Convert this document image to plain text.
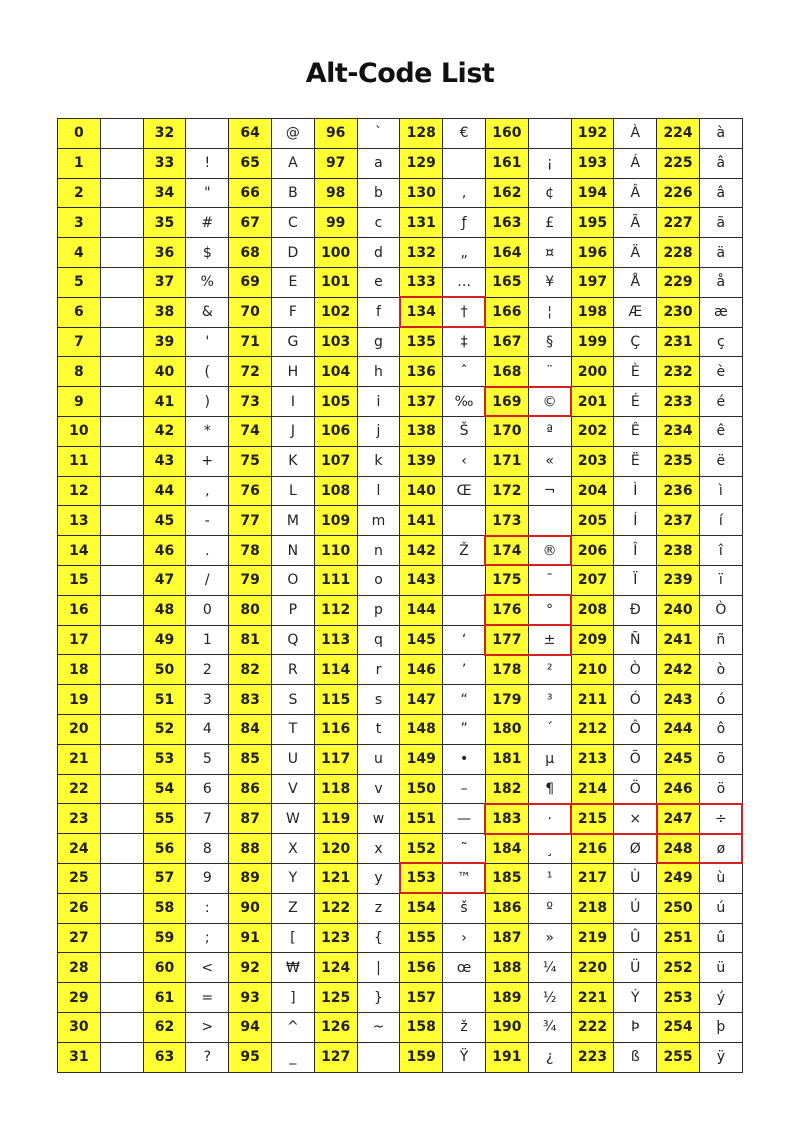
Alt-Code List
0		32		64	@	96	`	128	€	160		192	À	224	à
1		33	!	65	A	97	a	129		161	¡	193	Á	225	â
2		34	"	66	B	98	b	130	,	162	¢	194	Â	226	â
3		35	#	67	C	99	c	131	ƒ	163	£	195	Ã	227	ã
4		36	$	68	D	100	d	132	„	164	¤	196	Ä	228	ä
5		37	%	69	E	101	e	133	…	165	¥	197	Å	229	å
6		38	&	70	F	102	f	134	†	166	¦	198	Æ	230	æ
7		39	'	71	G	103	g	135	‡	167	§	199	Ç	231	ç
8		40	(	72	H	104	h	136	ˆ	168	¨	200	È	232	è
9		41	)	73	I	105	i	137	‰	169	©	201	É	233	é
10		42	*	74	J	106	j	138	Š	170	ª	202	Ê	234	ê
11		43	+	75	K	107	k	139	‹	171	«	203	Ë	235	ë
12		44	,	76	L	108	l	140	Œ	172	¬	204	Ì	236	ì
13		45	-	77	M	109	m	141		173		205	Í	237	í
14		46	.	78	N	110	n	142	Ž	174	®	206	Î	238	î
15		47	/	79	O	111	o	143		175	¯	207	Ï	239	ï
16		48	0	80	P	112	p	144		176	°	208	Ð	240	Ò
17		49	1	81	Q	113	q	145	‘	177	±	209	Ñ	241	ñ
18		50	2	82	R	114	r	146	’	178	²	210	Ò	242	ò
19		51	3	83	S	115	s	147	“	179	³	211	Ó	243	ó
20		52	4	84	T	116	t	148	”	180	´	212	Ô	244	ô
21		53	5	85	U	117	u	149	•	181	µ	213	Õ	245	õ
22		54	6	86	V	118	v	150	–	182	¶	214	Ö	246	ö
23		55	7	87	W	119	w	151	—	183	·	215	×	247	÷
24		56	8	88	X	120	x	152	˜	184	¸	216	Ø	248	ø
25		57	9	89	Y	121	y	153	™	185	¹	217	Ù	249	ù
26		58	:	90	Z	122	z	154	š	186	º	218	Ú	250	ú
27		59	;	91	[	123	{	155	›	187	»	219	Û	251	û
28		60	<	92	₩	124	|	156	œ	188	¼	220	Ü	252	ü
29		61	=	93	]	125	}	157		189	½	221	Ý	253	ý
30		62	>	94	^	126	~	158	ž	190	¾	222	Þ	254	þ
31		63	?	95	_	127		159	Ÿ	191	¿	223	ß	255	ÿ
